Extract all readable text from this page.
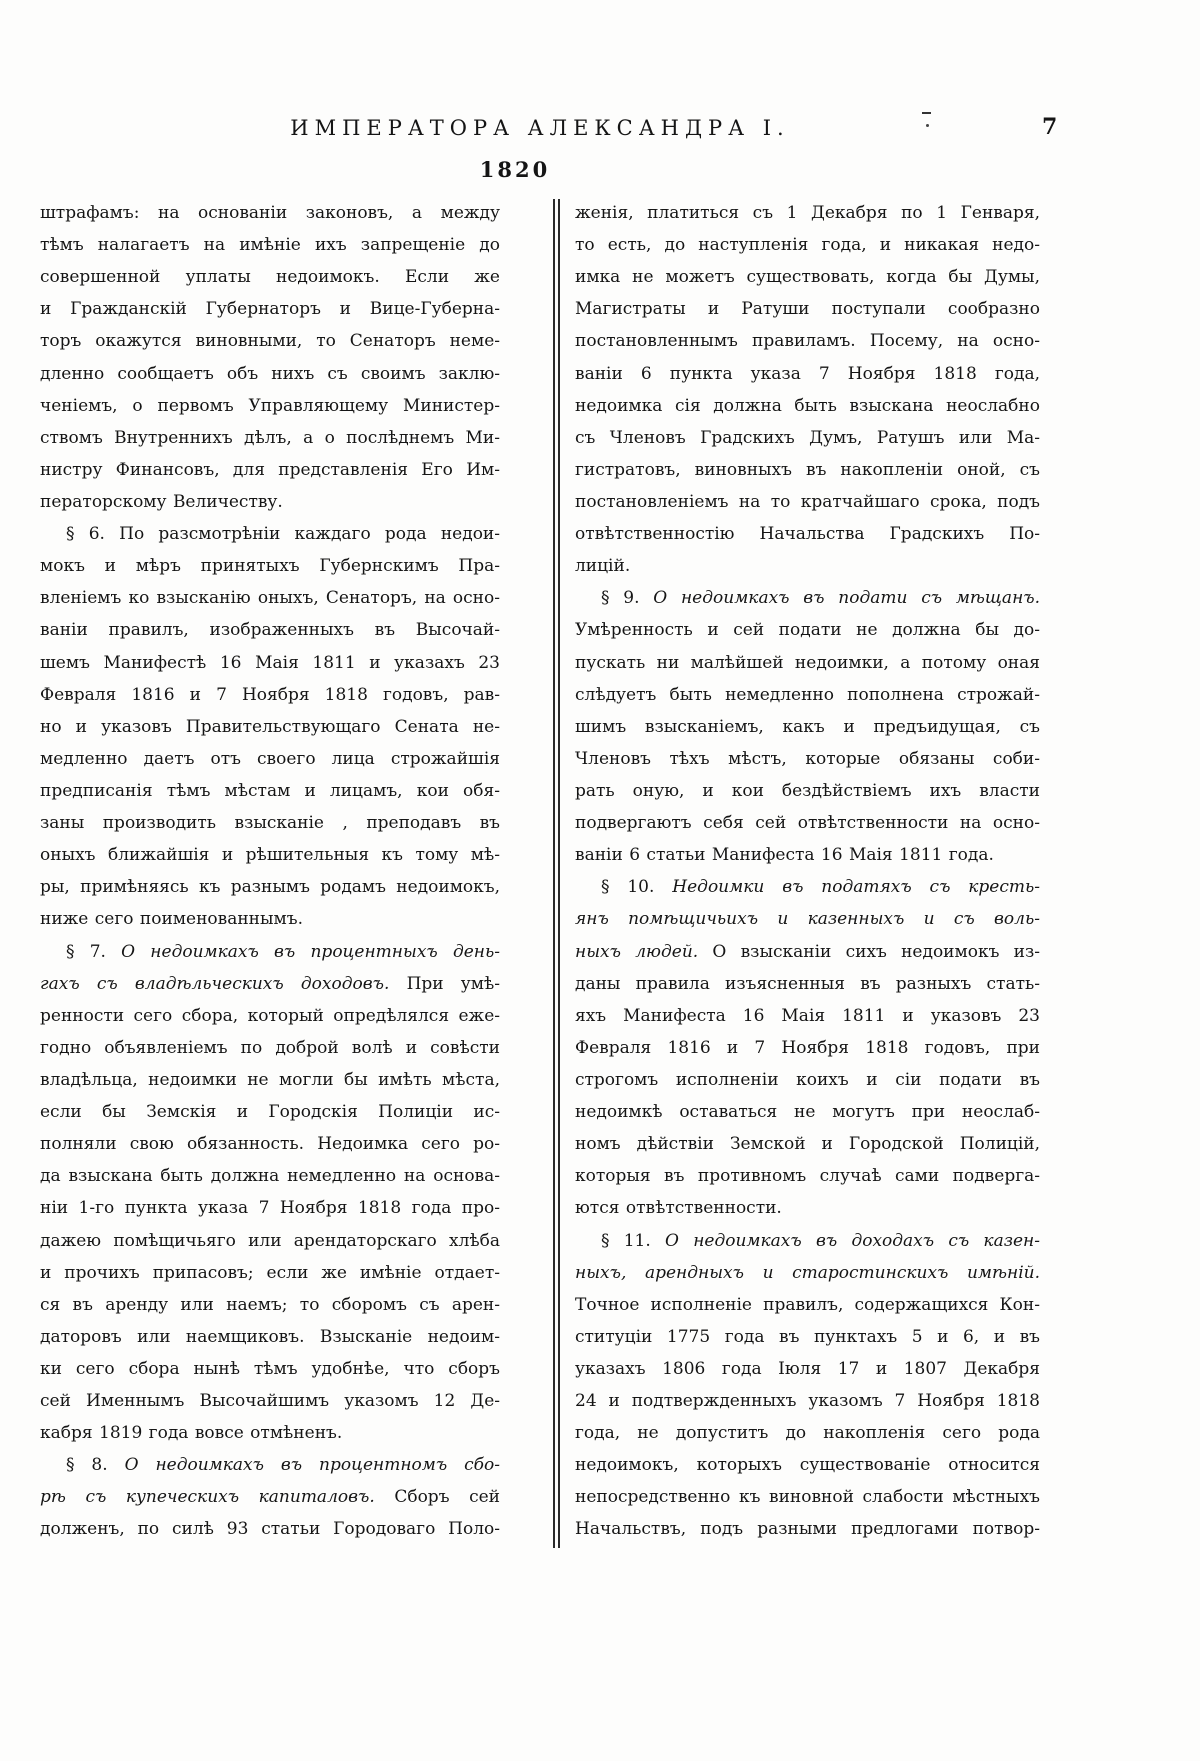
ИМПЕРАТОРА АЛЕКСАНДРА I.	7
1820
штрафамъ: на основаніи законовъ, а между
тѣмъ налагаетъ на имѣніе ихъ запрещеніе до
совершенной уплаты недоимокъ. Если же
и Гражданскій Губернаторъ и Вице-Губерна-
торъ окажутся виновными, то Сенаторъ неме-
дленно сообщаетъ объ нихъ съ своимъ заклю-
ченіемъ, о первомъ Управляющему Министер-
ствомъ Внутреннихъ дѣлъ, а о послѣднемъ Ми-
нистру Финансовъ, для представленія Его Им-
ператорскому Величеству.
§ 6. По разсмотрѣніи каждаго рода недои-
мокъ и мѣръ принятыхъ Губернскимъ Пра-
вленіемъ ко взысканію оныхъ, Сенаторъ, на осно-
ваніи правилъ, изображенныхъ въ Высочай-
шемъ Манифестѣ 16 Маія 1811 и указахъ 23
Февраля 1816 и 7 Ноября 1818 годовъ, рав-
но и указовъ Правительствующаго Сената не-
медленно даетъ отъ своего лица строжайшія
предписанія тѣмъ мѣстам и лицамъ, кои обя-
заны производить взысканіе , преподавъ въ
оныхъ ближайшія и рѣшительныя къ тому мѣ-
ры, примѣняясь къ разнымъ родамъ недоимокъ,
ниже сего поименованнымъ.
§ 7. О недоимкахъ въ процентныхъ день-
гахъ съ владѣльческихъ доходовъ. При умѣ-
ренности сего сбора, который опредѣлялся еже-
годно объявленіемъ по доброй волѣ и совѣсти
владѣльца, недоимки не могли бы имѣть мѣста,
если бы Земскія и Городскія Полиціи ис-
полняли свою обязанность. Недоимка сего ро-
да взыскана быть должна немедленно на основа-
ніи 1-го пункта указа 7 Ноября 1818 года про-
дажею помѣщичьяго или арендаторскаго хлѣба
и прочихъ припасовъ; если же имѣніе отдает-
ся въ аренду или наемъ; то сборомъ съ арен-
даторовъ или наемщиковъ. Взысканіе недоим-
ки сего сбора нынѣ тѣмъ удобнѣе, что сборъ
сей Именнымъ Высочайшимъ указомъ 12 Де-
кабря 1819 года вовсе отмѣненъ.
§ 8. О недоимкахъ въ процентномъ сбо-
рѣ съ купеческихъ капиталовъ. Сборъ сей
долженъ, по силѣ 93 статьи Городоваго Поло-
женія, платиться съ 1 Декабря по 1 Генваря,
то есть, до наступленія года, и никакая недо-
имка не можетъ существовать, когда бы Думы,
Магистраты и Ратуши поступали сообразно
постановленнымъ правиламъ. Посему, на осно-
ваніи 6 пункта указа 7 Ноября 1818 года,
недоимка сія должна быть взыскана неослабно
съ Членовъ Градскихъ Думъ, Ратушъ или Ма-
гистратовъ, виновныхъ въ накопленіи оной, съ
постановленіемъ на то кратчайшаго срока, подъ
отвѣтственностію Начальства Градскихъ По-
лицій.
§ 9. О недоимкахъ въ подати съ мѣщанъ.
Умѣренность и сей подати не должна бы до-
пускать ни малѣйшей недоимки, а потому оная
слѣдуетъ быть немедленно пополнена строжай-
шимъ взысканіемъ, какъ и предъидущая, съ
Членовъ тѣхъ мѣстъ, которые обязаны соби-
рать оную, и кои бездѣйствіемъ ихъ власти
подвергаютъ себя сей отвѣтственности на осно-
ваніи 6 статьи Манифеста 16 Маія 1811 года.
§ 10. Недоимки въ податяхъ съ кресть-
янъ помѣщичьихъ и казенныхъ и съ воль-
ныхъ людей. О взысканіи сихъ недоимокъ из-
даны правила изъясненныя въ разныхъ стать-
яхъ Манифеста 16 Маія 1811 и указовъ 23
Февраля 1816 и 7 Ноября 1818 годовъ, при
строгомъ исполненіи коихъ и сіи подати въ
недоимкѣ оставаться не могутъ при неослаб-
номъ дѣйствіи Земской и Городской Полицій,
которыя въ противномъ случаѣ сами подверга-
ются отвѣтственности.
§ 11. О недоимкахъ въ доходахъ съ казен-
ныхъ, арендныхъ и старостинскихъ имѣній.
Точное исполненіе правилъ, содержащихся Кон-
ституціи 1775 года въ пунктахъ 5 и 6, и въ
указахъ 1806 года Іюля 17 и 1807 Декабря
24 и подтвержденныхъ указомъ 7 Ноября 1818
года, не допуститъ до накопленія сего рода
недоимокъ, которыхъ существованіе относится
непосредственно къ виновной слабости мѣстныхъ
Начальствъ, подъ разными предлогами потвор-
